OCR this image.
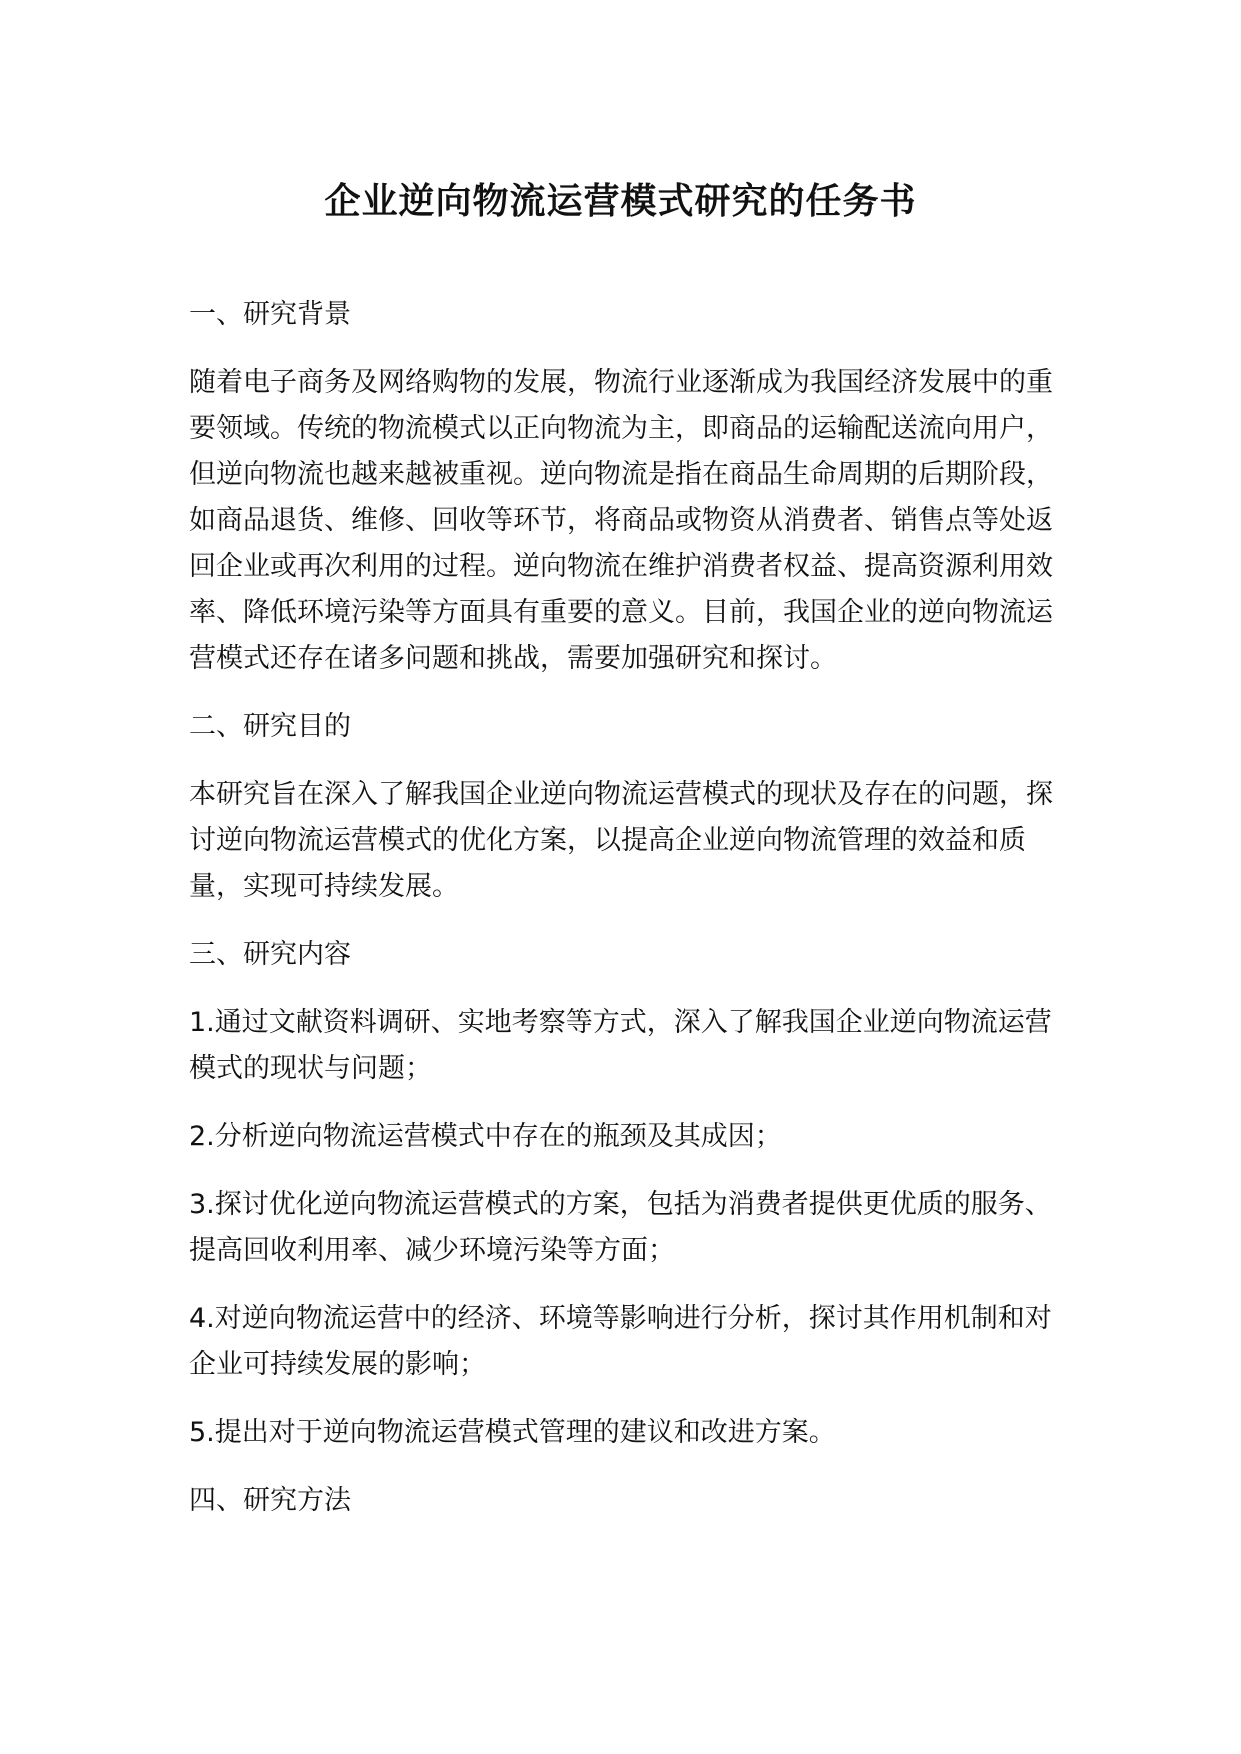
企业逆向物流运营模式研究的任务书

一、研究背景

随着电子商务及网络购物的发展，物流行业逐渐成为我国经济发展中的重要领域。传统的物流模式以正向物流为主，即商品的运输配送流向用户，但逆向物流也越来越被重视。逆向物流是指在商品生命周期的后期阶段，如商品退货、维修、回收等环节，将商品或物资从消费者、销售点等处返回企业或再次利用的过程。逆向物流在维护消费者权益、提高资源利用效率、降低环境污染等方面具有重要的意义。目前，我国企业的逆向物流运营模式还存在诸多问题和挑战，需要加强研究和探讨。

二、研究目的

本研究旨在深入了解我国企业逆向物流运营模式的现状及存在的问题，探讨逆向物流运营模式的优化方案，以提高企业逆向物流管理的效益和质量，实现可持续发展。

三、研究内容

1.通过文献资料调研、实地考察等方式，深入了解我国企业逆向物流运营模式的现状与问题；

2.分析逆向物流运营模式中存在的瓶颈及其成因；

3.探讨优化逆向物流运营模式的方案，包括为消费者提供更优质的服务、提高回收利用率、减少环境污染等方面；

4.对逆向物流运营中的经济、环境等影响进行分析，探讨其作用机制和对企业可持续发展的影响；

5.提出对于逆向物流运营模式管理的建议和改进方案。

四、研究方法
